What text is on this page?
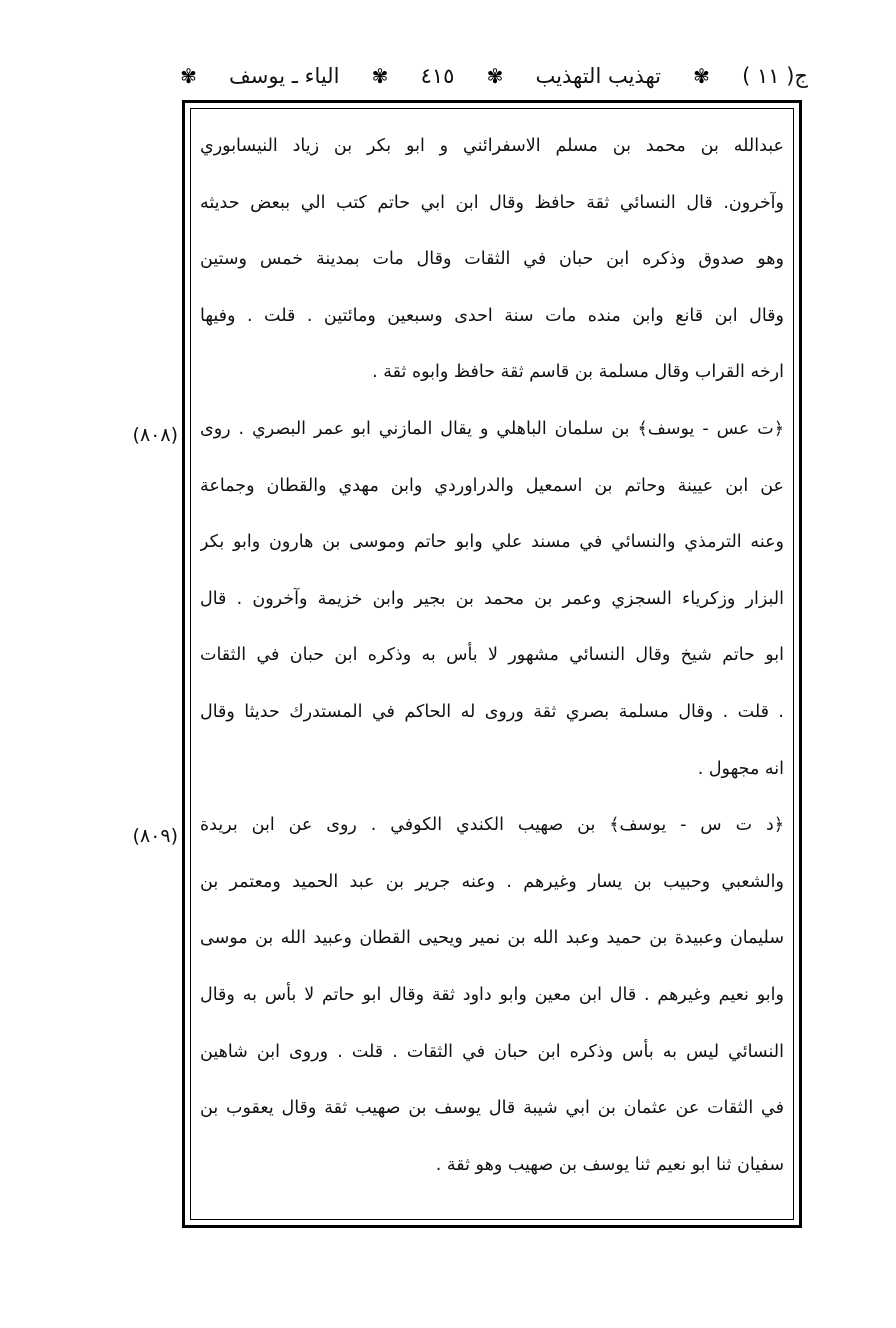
ج( ١١ )
✾
تهذيب التهذيب
✾
٤١٥
✾
الياء ـ يوسف
✾
(٨٠٨)
(٨٠٩)
عبدالله بن محمد بن مسلم الاسفرائني و ابو بكر بن زياد النيسابوري
وآخرون. قال النسائي ثقة حافظ وقال ابن ابي حاتم كتب الي ببعض حديثه
وهو صدوق وذكره ابن حبان في الثقات وقال مات بمدينة خمس وستين
وقال ابن قانع وابن منده مات سنة احدى وسبعين ومائتين . قلت . وفيها
ارخه القراب وقال مسلمة بن قاسم ثقة حافظ وابوه ثقة .
﴿ت عس - يوسف﴾ بن سلمان الباهلي و يقال المازني ابو عمر البصري . روى
عن ابن عيينة وحاتم بن اسمعيل والدراوردي وابن مهدي والقطان وجماعة
وعنه الترمذي والنسائي في مسند علي وابو حاتم وموسى بن هارون وابو بكر
البزار وزكرياء السجزي وعمر بن محمد بن بجير وابن خزيمة وآخرون . قال
ابو حاتم شيخ وقال النسائي مشهور لا بأس به وذكره ابن حبان في الثقات
. قلت . وقال مسلمة بصري ثقة وروى له الحاكم في المستدرك حديثا وقال
انه مجهول .
﴿د ت س - يوسف﴾ بن صهيب الكندي الكوفي . روى عن ابن بريدة
والشعبي وحبيب بن يسار وغيرهم . وعنه جرير بن عبد الحميد ومعتمر بن
سليمان وعبيدة بن حميد وعبد الله بن نمير ويحيى القطان وعبيد الله بن موسى
وابو نعيم وغيرهم . قال ابن معين وابو داود ثقة وقال ابو حاتم لا بأس به وقال
النسائي ليس به بأس وذكره ابن حبان في الثقات . قلت . وروى ابن شاهين
في الثقات عن عثمان بن ابي شيبة قال يوسف بن صهيب ثقة وقال يعقوب بن
سفيان ثنا ابو نعيم ثنا يوسف بن صهيب وهو ثقة .
